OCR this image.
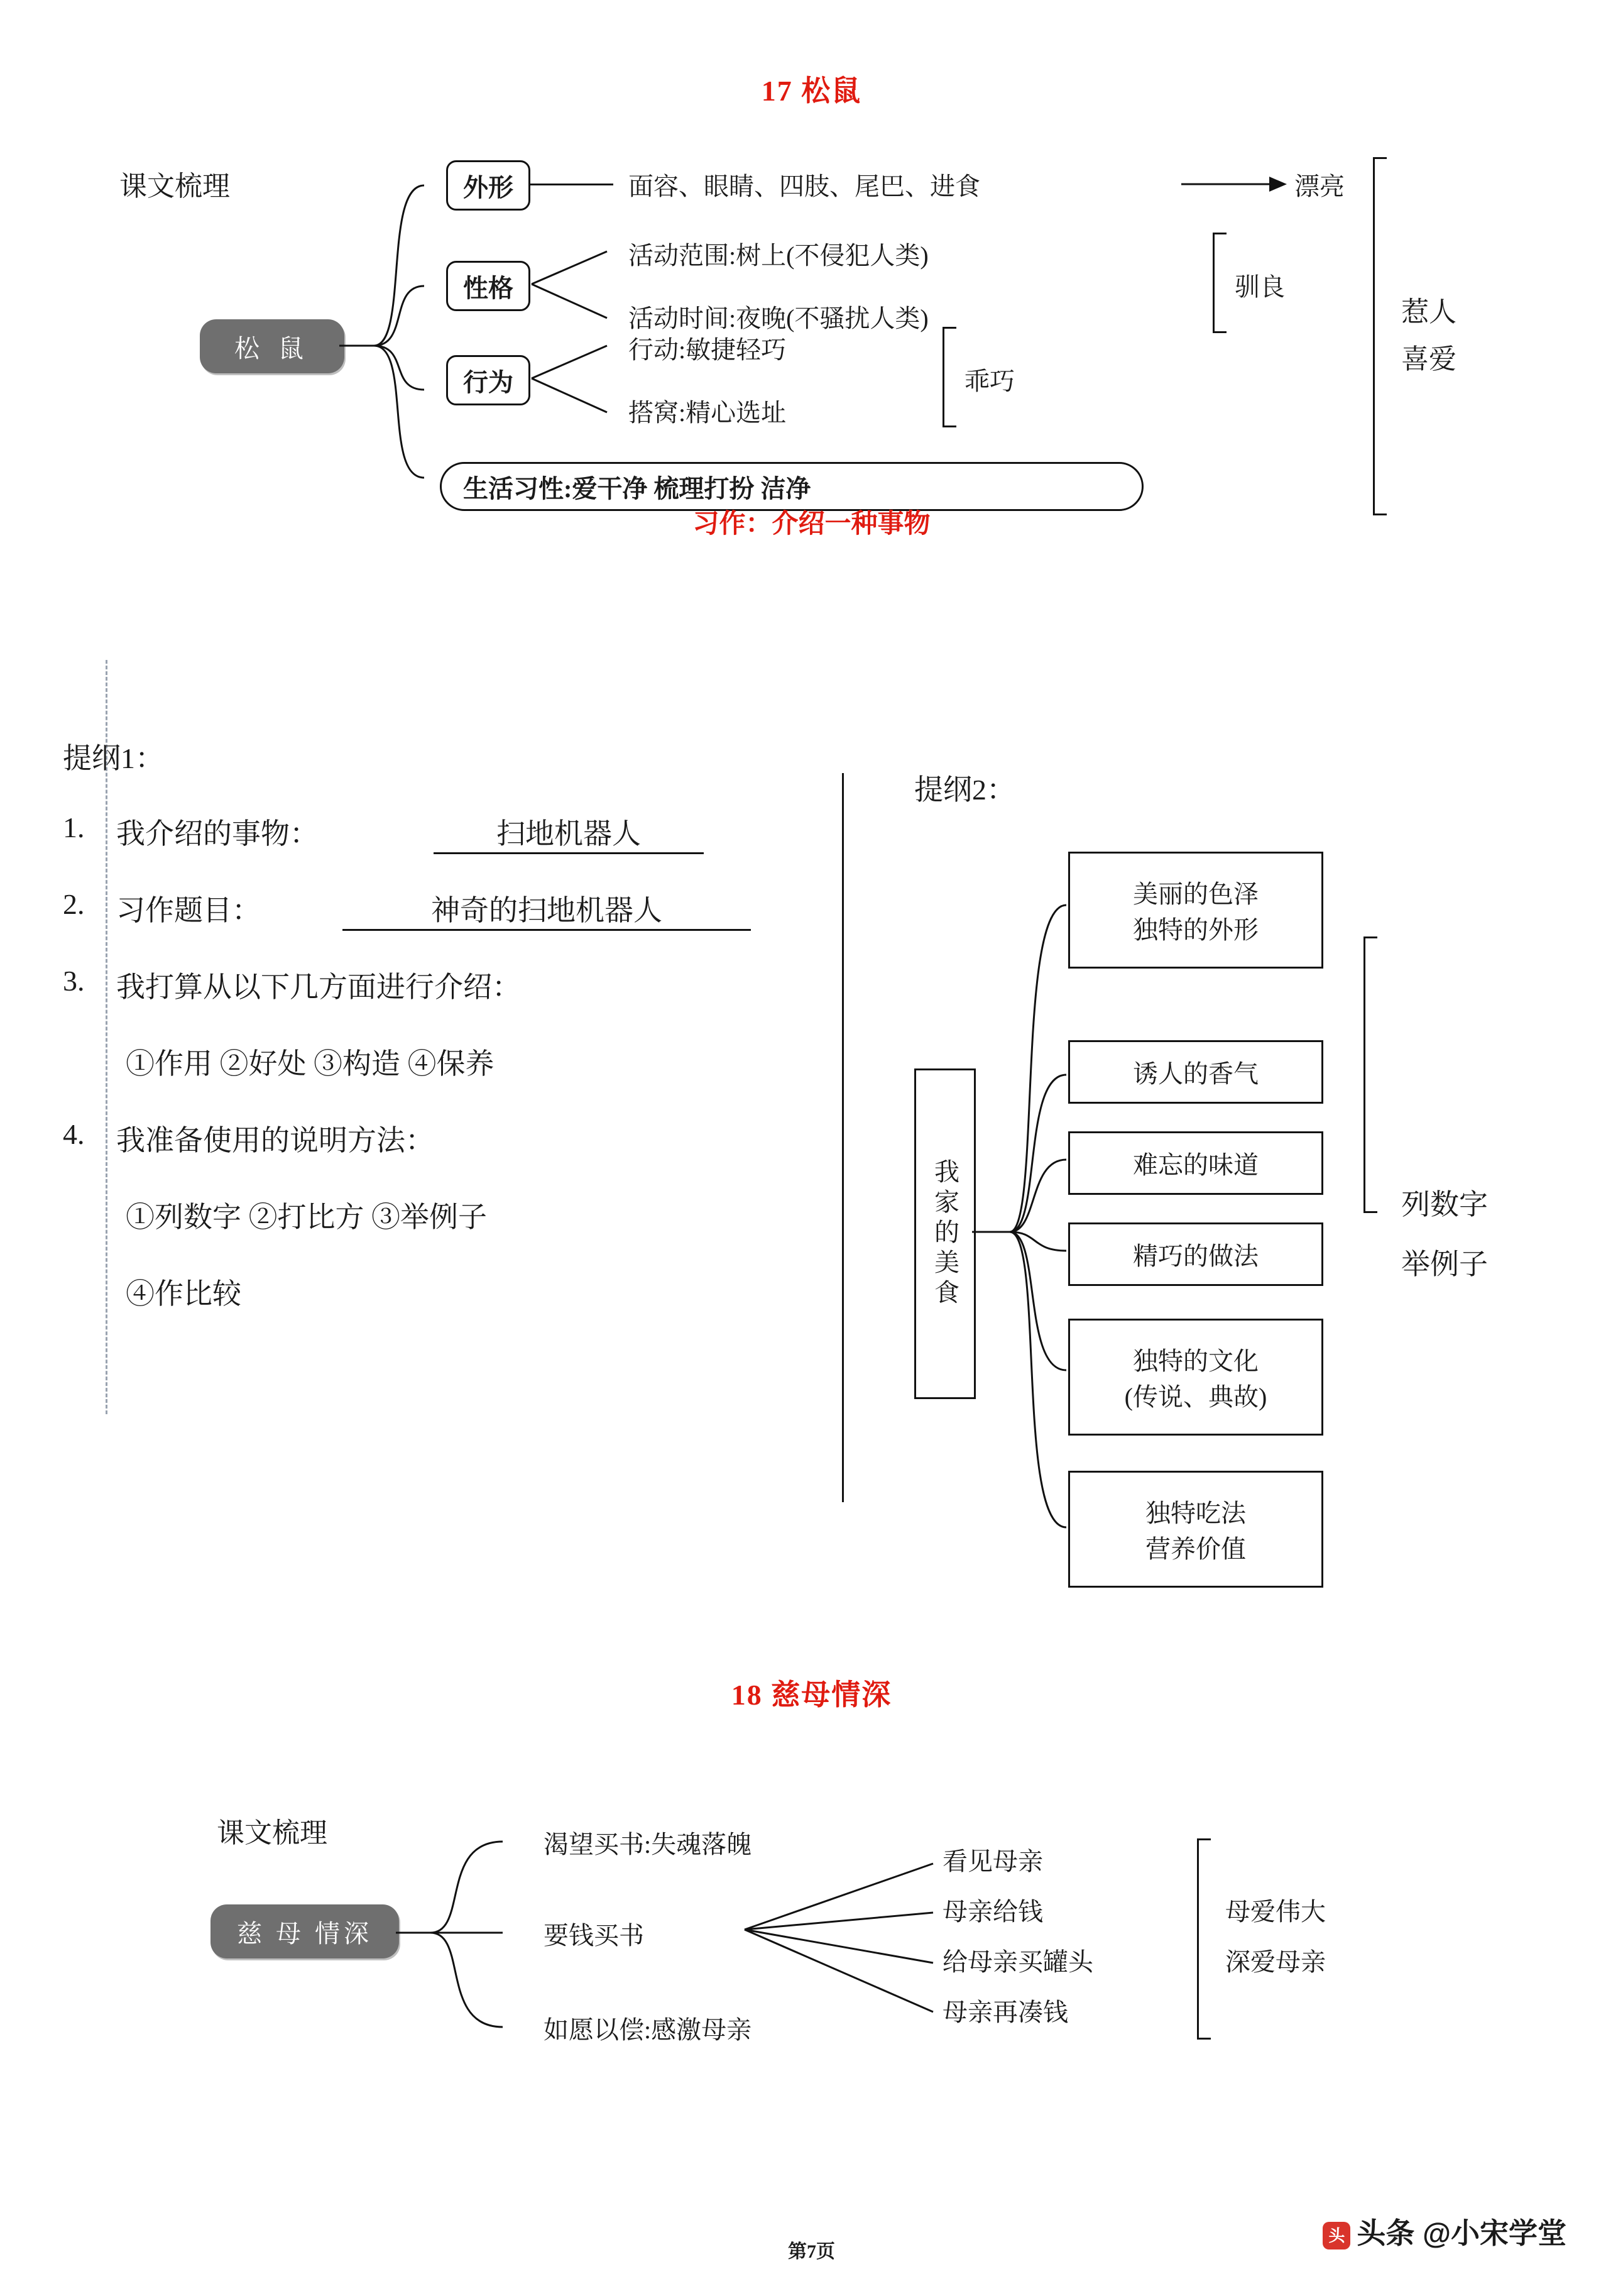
17 松鼠
课文梳理
松 鼠
外形	面容、眼睛、四肢、尾巴、进食	漂亮
性格
活动范围:树上(不侵犯人类)
活动时间:夜晚(不骚扰人类)
驯良
行为
行动:敏捷轻巧
搭窝:精心选址
乖巧
生活习性:爱干净 梳理打扮 洁净
惹人
喜爱
习作：介绍一种事物
提纲1：
1. 我介绍的事物：	扫地机器人
2. 习作题目：	神奇的扫地机器人
3. 我打算从以下几方面进行介绍：
①作用 ②好处 ③构造 ④保养
4. 我准备使用的说明方法：
①列数字 ②打比方 ③举例子
④作比较
提纲2：
我家的美食
美丽的色泽
独特的外形
诱人的香气
难忘的味道
精巧的做法
独特的文化
(传说、典故)
独特吃法
营养价值
列数字
举例子
18 慈母情深
课文梳理
慈 母 情深
渴望买书:失魂落魄
要钱买书
如愿以偿:感激母亲
看见母亲
母亲给钱
给母亲买罐头
母亲再凑钱
母爱伟大
深爱母亲
第7页
头条头条 @小宋学堂
